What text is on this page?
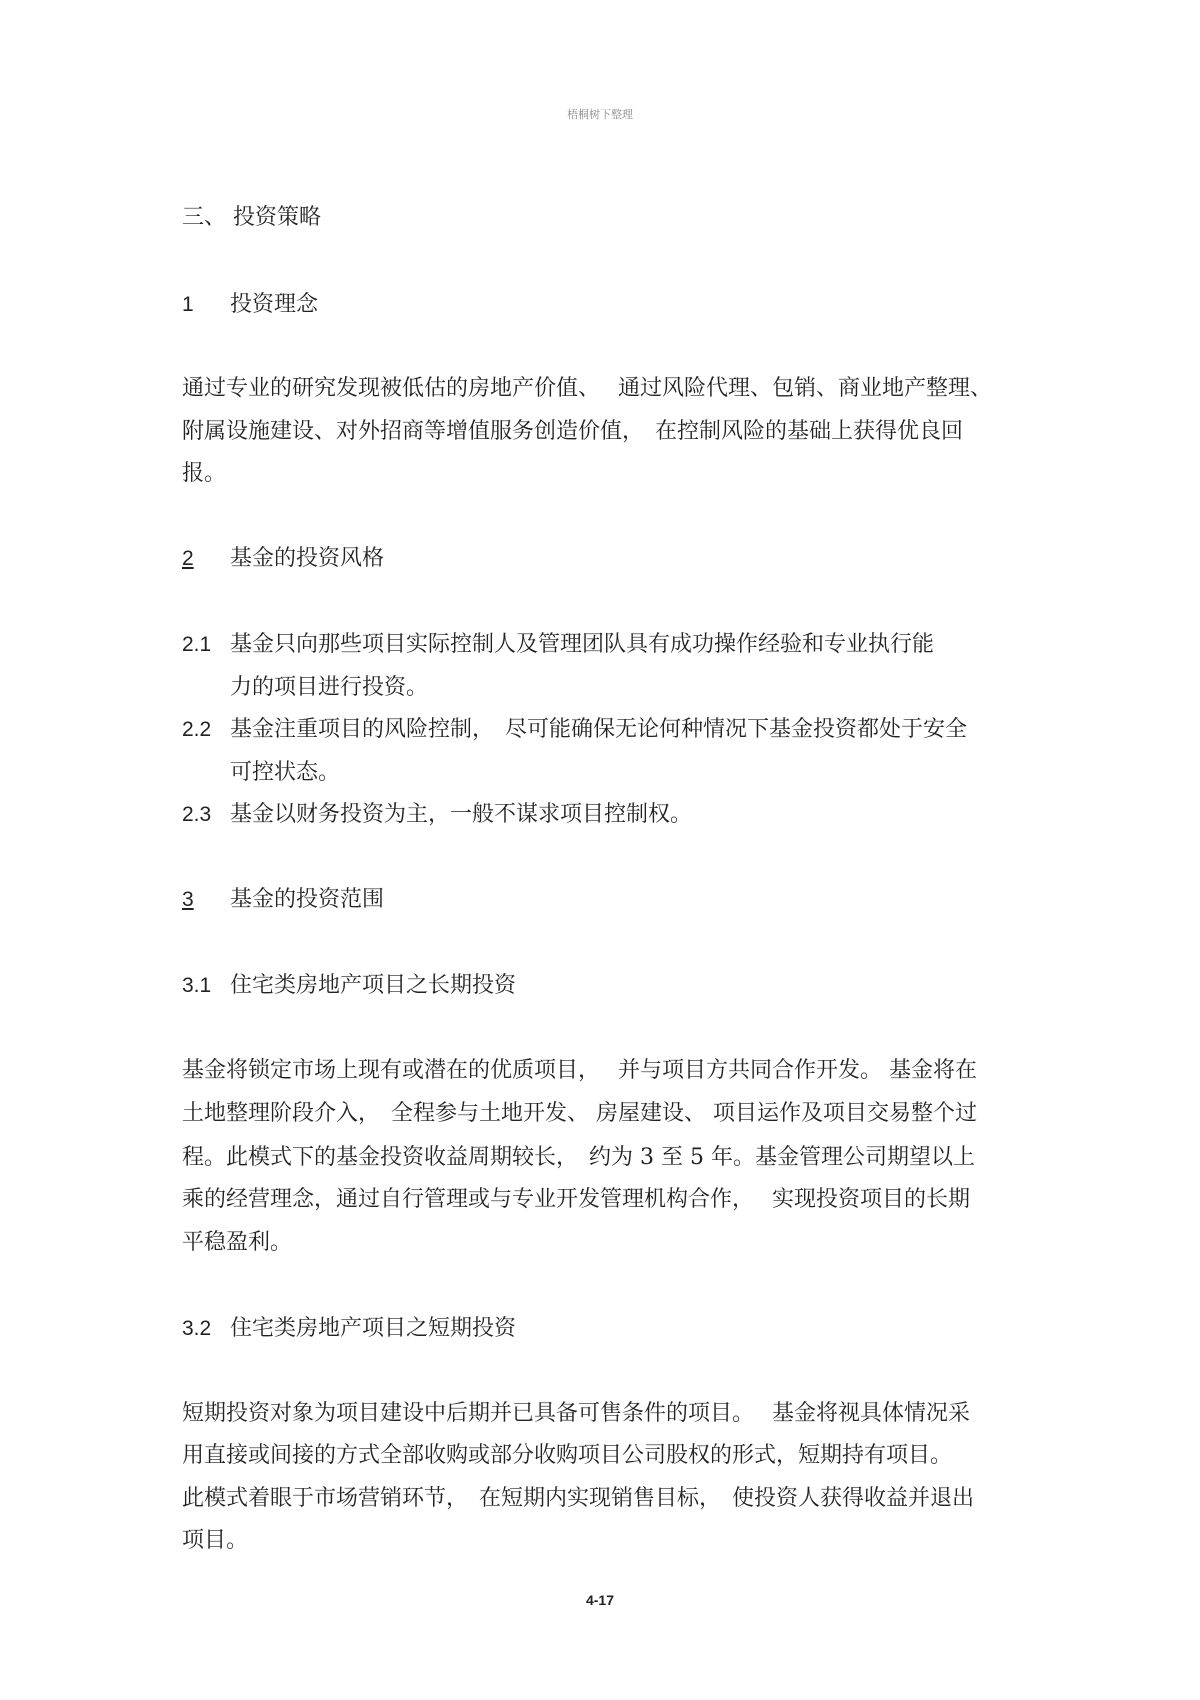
梧桐树下整理
三、 投资策略
1 投资理念
通过专业的研究发现被低估的房地产价值、　 通过风险代理、包销、商业地产整理、
附属设施建设、对外招商等增值服务创造价值，　在控制风险的基础上获得优良回
报。
2 基金的投资风格
2.1 基金只向那些项目实际控制人及管理团队具有成功操作经验和专业执行能
力的项目进行投资。
2.2 基金注重项目的风险控制，　尽可能确保无论何种情况下基金投资都处于安全
可控状态。
2.3 基金以财务投资为主，一般不谋求项目控制权。
3 基金的投资范围
3.1 住宅类房地产项目之长期投资
基金将锁定市场上现有或潜在的优质项目，　 并与项目方共同合作开发。 基金将在
土地整理阶段介入，　全程参与土地开发、 房屋建设、 项目运作及项目交易整个过
程。此模式下的基金投资收益周期较长，　约为 3 至 5 年。基金管理公司期望以上
乘的经营理念，通过自行管理或与专业开发管理机构合作，　 实现投资项目的长期
平稳盈利。
3.2 住宅类房地产项目之短期投资
短期投资对象为项目建设中后期并已具备可售条件的项目。　 基金将视具体情况采
用直接或间接的方式全部收购或部分收购项目公司股权的形式，短期持有项目。
此模式着眼于市场营销环节，　在短期内实现销售目标，　使投资人获得收益并退出
项目。
4-17
